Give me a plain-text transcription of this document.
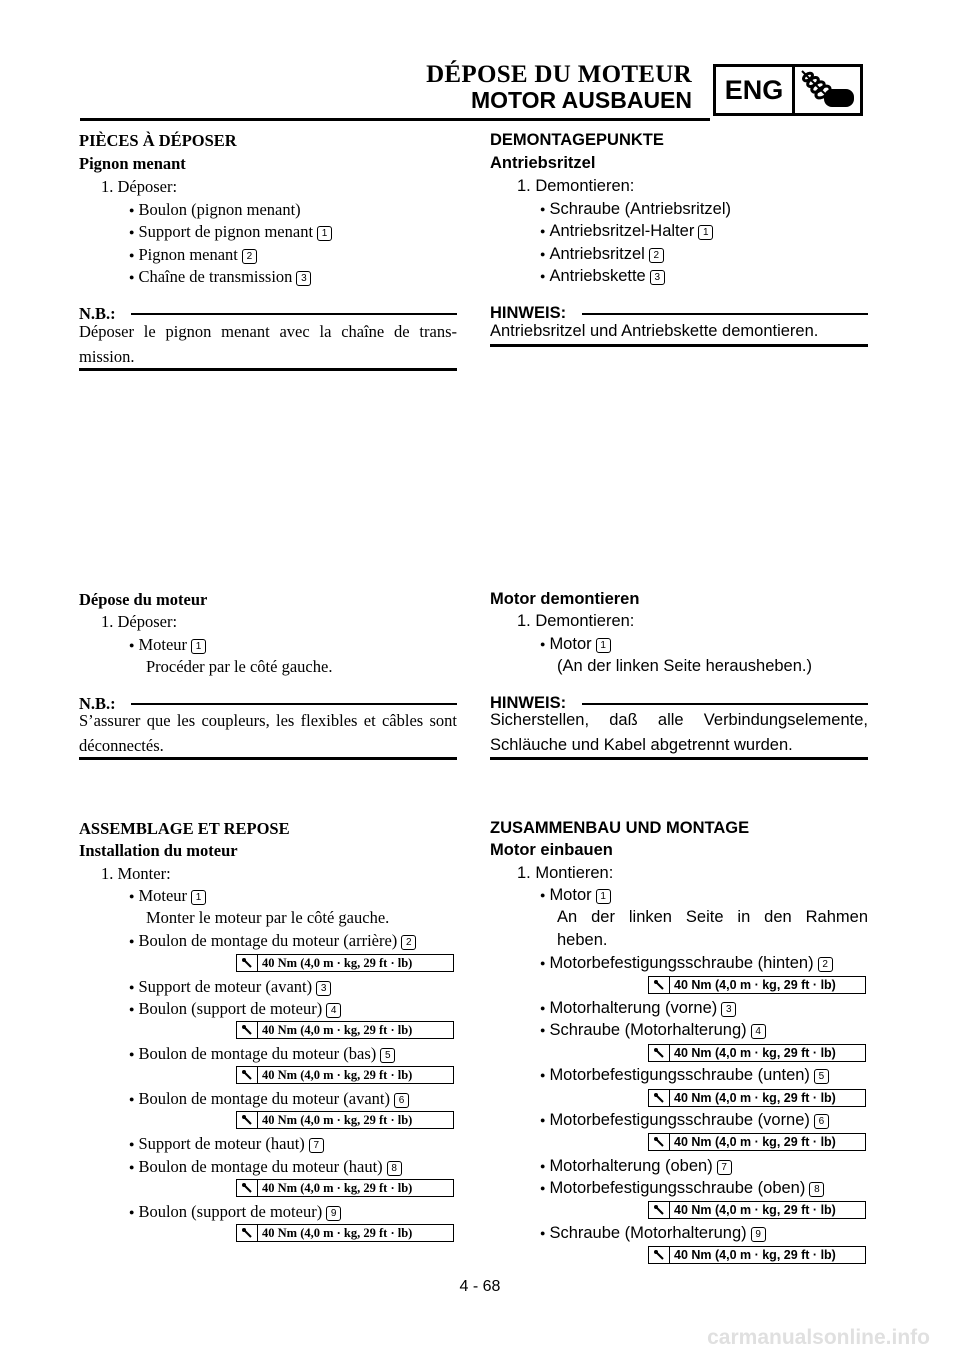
DÉPOSE DU MOTEUR
MOTOR AUSBAUEN	ENG
PIÈCES À DÉPOSER
Pignon menant
1. Déposer:
● Boulon (pignon menant)
● Support de pignon menant 1
● Pignon menant 2
● Chaîne de transmission 3
N.B.:
Déposer le pignon menant avec la chaîne de trans-mission.
Dépose du moteur
1. Déposer:
● Moteur 1
Procéder par le côté gauche.
N.B.:
S’assurer que les coupleurs, les flexibles et câbles sont déconnectés.
ASSEMBLAGE ET REPOSE
Installation du moteur
1. Monter:
● Moteur 1
Monter le moteur par le côté gauche.
● Boulon de montage du moteur (arrière) 2
40 Nm (4,0 m · kg, 29 ft · lb)
● Support de moteur (avant) 3
● Boulon (support de moteur) 4
40 Nm (4,0 m · kg, 29 ft · lb)
● Boulon de montage du moteur (bas) 5
40 Nm (4,0 m · kg, 29 ft · lb)
● Boulon de montage du moteur (avant) 6
40 Nm (4,0 m · kg, 29 ft · lb)
● Support de moteur (haut) 7
● Boulon de montage du moteur (haut) 8
40 Nm (4,0 m · kg, 29 ft · lb)
● Boulon (support de moteur) 9
40 Nm (4,0 m · kg, 29 ft · lb)
DEMONTAGEPUNKTE
Antriebsritzel
1. Demontieren:
● Schraube (Antriebsritzel)
● Antriebsritzel-Halter 1
● Antriebsritzel 2
● Antriebskette 3
HINWEIS:
Antriebsritzel und Antriebskette demontieren.
Motor demontieren
1. Demontieren:
● Motor 1
(An der linken Seite herausheben.)
HINWEIS:
Sicherstellen, daß alle Verbindungselemente, Schläuche und Kabel abgetrennt wurden.
ZUSAMMENBAU UND MONTAGE
Motor einbauen
1. Montieren:
● Motor 1
An der linken Seite in den Rahmen
heben.
● Motorbefestigungsschraube (hinten) 2
40 Nm (4,0 m · kg, 29 ft · lb)
● Motorhalterung (vorne) 3
● Schraube (Motorhalterung) 4
40 Nm (4,0 m · kg, 29 ft · lb)
● Motorbefestigungsschraube (unten) 5
40 Nm (4,0 m · kg, 29 ft · lb)
● Motorbefestigungsschraube (vorne) 6
40 Nm (4,0 m · kg, 29 ft · lb)
● Motorhalterung (oben) 7
● Motorbefestigungsschraube (oben) 8
40 Nm (4,0 m · kg, 29 ft · lb)
● Schraube (Motorhalterung) 9
40 Nm (4,0 m · kg, 29 ft · lb)
4 - 68
carmanualsonline.info
